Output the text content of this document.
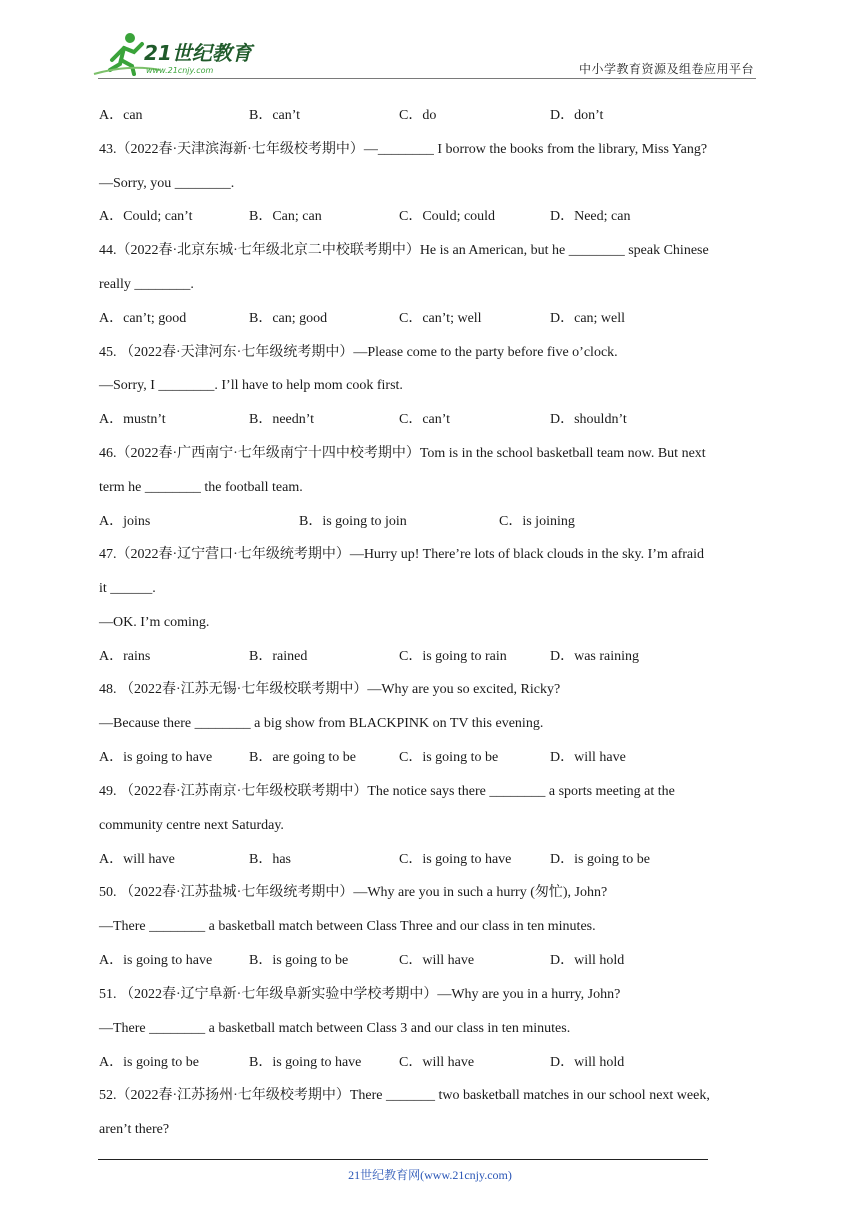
21世纪教育
www.21cnjy.com	中小学教育资源及组卷应用平台
A．can	B．can’t	C．do	D．don’t
43.（2022春·天津滨海新·七年级校考期中）—________ I borrow the books from the library, Miss Yang?
—Sorry, you ________.
A．Could; can’t	B．Can; can	C．Could; could	D．Need; can
44.（2022春·北京东城·七年级北京二中校联考期中）He is an American, but he ________ speak Chinese
really ________.
A．can’t; good	B．can; good	C．can’t; well	D．can; well
45. （2022春·天津河东·七年级统考期中）—Please come to the party before five o’clock.
—Sorry, I ________. I’ll have to help mom cook first.
A．mustn’t	B．needn’t	C．can’t	D．shouldn’t
46.（2022春·广西南宁·七年级南宁十四中校考期中）Tom is in the school basketball team now. But next
term he ________ the football team.
A．joins	B．is going to join	C．is joining
47.（2022春·辽宁营口·七年级统考期中）—Hurry up! There’re lots of black clouds in the sky. I’m afraid
it ______.
—OK. I’m coming.
A．rains	B．rained	C．is going to rain	D．was raining
48. （2022春·江苏无锡·七年级校联考期中）—Why are you so excited, Ricky?
—Because there ________ a big show from BLACKPINK on TV this evening.
A．is going to have	B．are going to be	C．is going to be	D．will have
49. （2022春·江苏南京·七年级校联考期中）The notice says there ________ a sports meeting at the
community centre next Saturday.
A．will have	B．has	C．is going to have	D．is going to be
50. （2022春·江苏盐城·七年级统考期中）—Why are you in such a hurry (匆忙), John?
—There ________ a basketball match between Class Three and our class in ten minutes.
A．is going to have	B．is going to be	C．will have	D．will hold
51. （2022春·辽宁阜新·七年级阜新实验中学校考期中）—Why are you in a hurry, John?
—There ________ a basketball match between Class 3 and our class in ten minutes.
A．is going to be	B．is going to have	C．will have	D．will hold
52.（2022春·江苏扬州·七年级校考期中）There _______ two basketball matches in our school next week,
aren’t there?
21世纪教育网(www.21cnjy.com)
